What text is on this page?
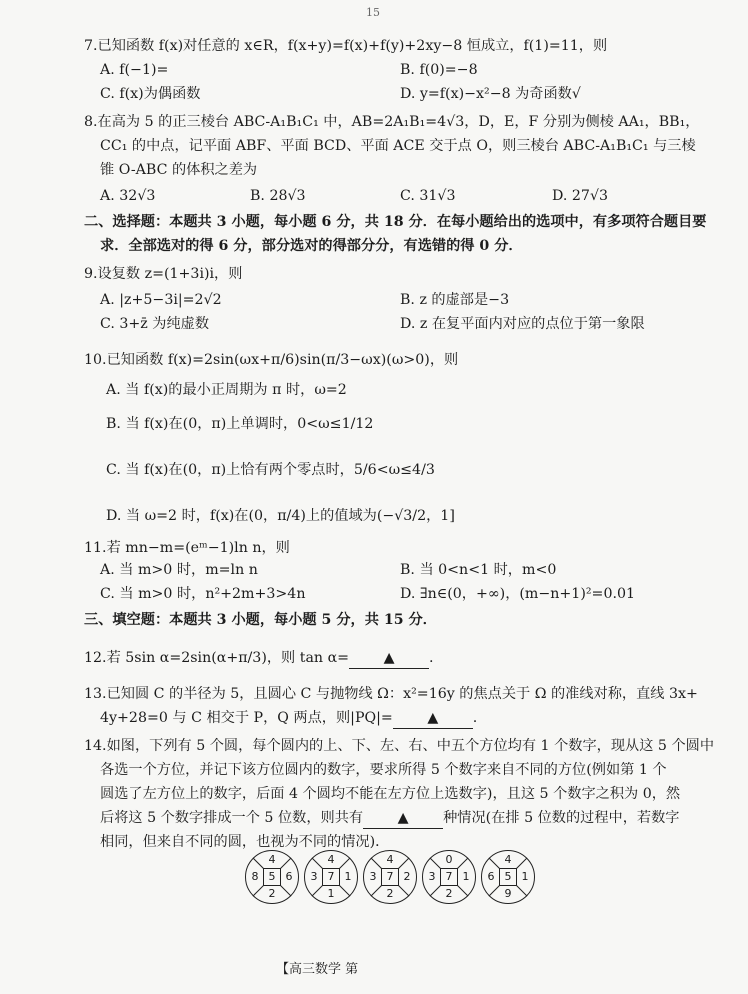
15
7.已知函数 f(x)对任意的 x∈R，f(x+y)=f(x)+f(y)+2xy−8 恒成立，f(1)=11，则
A. f(−1)=	B. f(0)=−8
C. f(x)为偶函数	D. y=f(x)−x²−8 为奇函数√
8.在高为 5 的正三棱台 ABC-A₁B₁C₁ 中，AB=2A₁B₁=4√3，D，E，F 分别为侧棱 AA₁，BB₁，
CC₁ 的中点，记平面 ABF、平面 BCD、平面 ACE 交于点 O，则三棱台 ABC-A₁B₁C₁ 与三棱
锥 O-ABC 的体积之差为
A. 32√3	B. 28√3	C. 31√3	D. 27√3
二、选择题：本题共 3 小题，每小题 6 分，共 18 分．在每小题给出的选项中，有多项符合题目要
求．全部选对的得 6 分，部分选对的得部分分，有选错的得 0 分．
9.设复数 z=(1+3i)i，则
A. |z+5−3i|=2√2	B. z 的虚部是−3
C. 3+z̄ 为纯虚数	D. z 在复平面内对应的点位于第一象限
10.已知函数 f(x)=2sin(ωx+π/6)sin(π/3−ωx)(ω>0)，则
A. 当 f(x)的最小正周期为 π 时，ω=2
B. 当 f(x)在(0，π)上单调时，0<ω≤1/12
C. 当 f(x)在(0，π)上恰有两个零点时，5/6<ω≤4/3
D. 当 ω=2 时，f(x)在(0，π/4)上的值域为(−√3/2，1]
11.若 mn−m=(eᵐ−1)ln n，则
A. 当 m>0 时，m=ln n	B. 当 0<n<1 时，m<0
C. 当 m>0 时，n²+2m+3>4n	D. ∃n∈(0，+∞)，(m−n+1)²=0.01
三、填空题：本题共 3 小题，每小题 5 分，共 15 分．
12.若 5sin α=2sin(α+π/3)，则 tan α= ▲ .
13.已知圆 C 的半径为 5，且圆心 C 与抛物线 Ω：x²=16y 的焦点关于 Ω 的准线对称，直线 3x+
4y+28=0 与 C 相交于 P，Q 两点，则|PQ|= ▲ .
14.如图，下列有 5 个圆，每个圆内的上、下、左、右、中五个方位均有 1 个数字，现从这 5 个圆中
各选一个方位，并记下该方位圆内的数字，要求所得 5 个数字来自不同的方位(例如第 1 个
圆选了左方位上的数字，后面 4 个圆均不能在左方位上选数字)，且这 5 个数字之积为 0，然
后将这 5 个数字排成一个 5 位数，则共有 ▲ 种情况(在排 5 位数的过程中，若数字
相同，但来自不同的圆，也视为不同的情况)．
4
8 5 6
2
4
3 7 1
1
4
3 7 2
2
0
3 7 1
2
4
6 5 1
9
【高三数学 第
